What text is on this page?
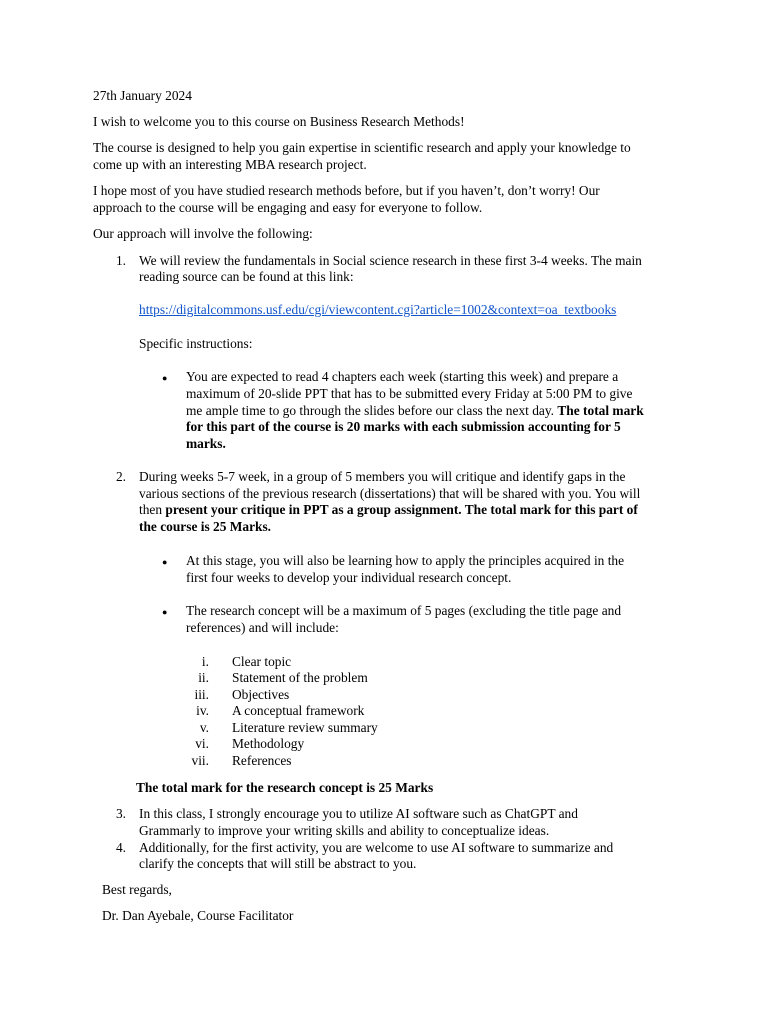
27th January 2024
I wish to welcome you to this course on Business Research Methods!
The course is designed to help you gain expertise in scientific research and apply your knowledge to
come up with an interesting MBA research project.
I hope most of you have studied research methods before, but if you haven’t, don’t worry! Our
approach to the course will be engaging and easy for everyone to follow.
Our approach will involve the following:
1. We will review the fundamentals in Social science research in these first 3-4 weeks. The main
reading source can be found at this link:
https://digitalcommons.usf.edu/cgi/viewcontent.cgi?article=1002&context=oa_textbooks
Specific instructions:
● You are expected to read 4 chapters each week (starting this week) and prepare a
maximum of 20-slide PPT that has to be submitted every Friday at 5:00 PM to give
me ample time to go through the slides before our class the next day. The total mark
for this part of the course is 20 marks with each submission accounting for 5
marks.
2. During weeks 5-7 week, in a group of 5 members you will critique and identify gaps in the
various sections of the previous research (dissertations) that will be shared with you. You will
then present your critique in PPT as a group assignment. The total mark for this part of
the course is 25 Marks.
● At this stage, you will also be learning how to apply the principles acquired in the
first four weeks to develop your individual research concept.
● The research concept will be a maximum of 5 pages (excluding the title page and
references) and will include:
i. Clear topic
ii. Statement of the problem
iii. Objectives
iv. A conceptual framework
v. Literature review summary
vi. Methodology
vii. References
The total mark for the research concept is 25 Marks
3. In this class, I strongly encourage you to utilize AI software such as ChatGPT and
Grammarly to improve your writing skills and ability to conceptualize ideas.
4. Additionally, for the first activity, you are welcome to use AI software to summarize and
clarify the concepts that will still be abstract to you.
Best regards,
Dr. Dan Ayebale, Course Facilitator
